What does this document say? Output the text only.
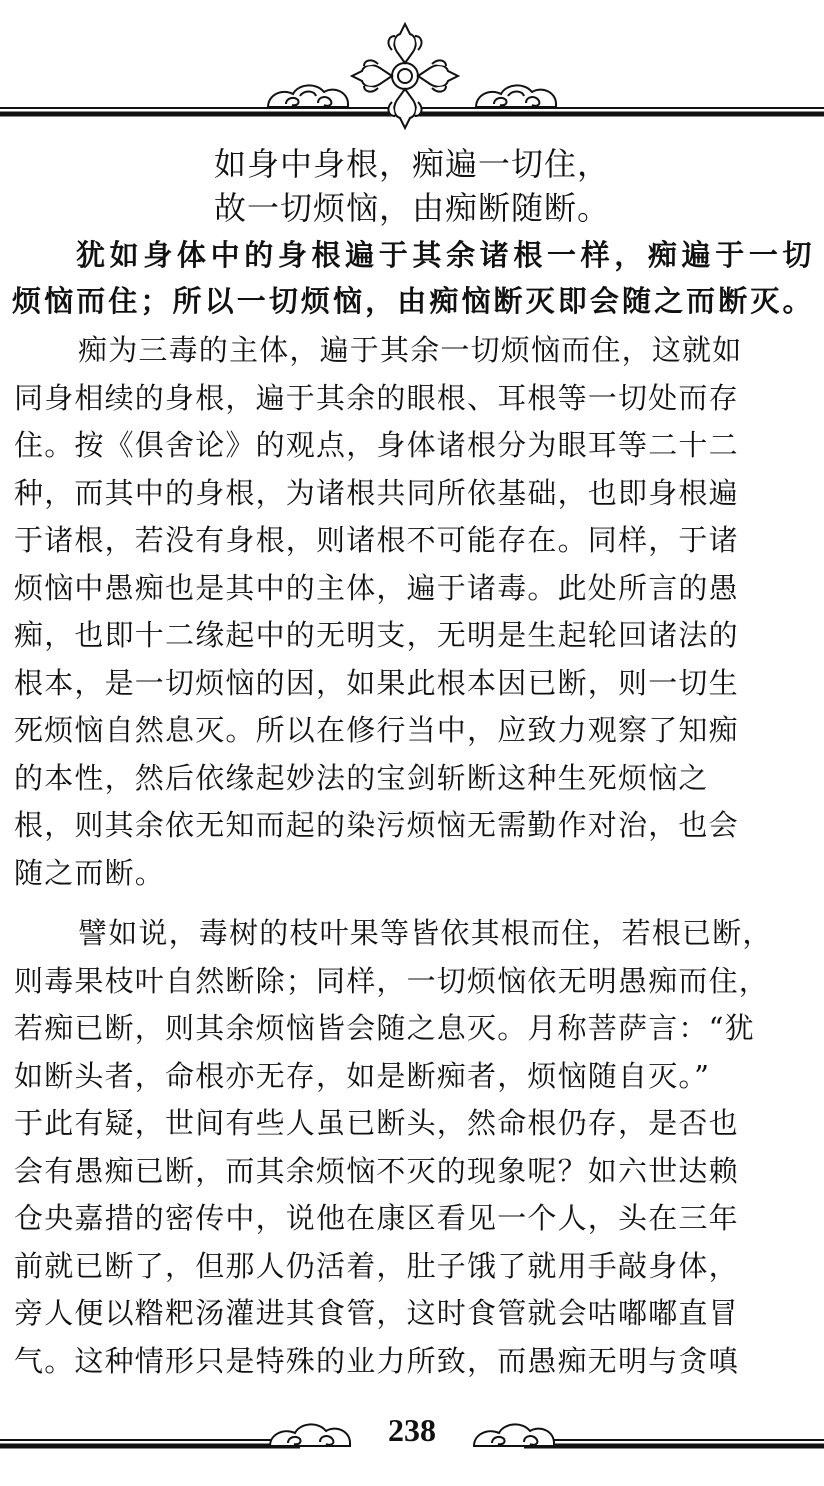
如身中身根，痴遍一切住，
故一切烦恼，由痴断随断。
犹如身体中的身根遍于其余诸根一样，痴遍于一切
烦恼而住；所以一切烦恼，由痴恼断灭即会随之而断灭。
痴为三毒的主体，遍于其余一切烦恼而住，这就如
同身相续的身根，遍于其余的眼根、耳根等一切处而存
住。按《俱舍论》的观点，身体诸根分为眼耳等二十二
种，而其中的身根，为诸根共同所依基础，也即身根遍
于诸根，若没有身根，则诸根不可能存在。同样，于诸
烦恼中愚痴也是其中的主体，遍于诸毒。此处所言的愚
痴，也即十二缘起中的无明支，无明是生起轮回诸法的
根本，是一切烦恼的因，如果此根本因已断，则一切生
死烦恼自然息灭。所以在修行当中，应致力观察了知痴
的本性，然后依缘起妙法的宝剑斩断这种生死烦恼之
根，则其余依无知而起的染污烦恼无需勤作对治，也会
随之而断。
譬如说，毒树的枝叶果等皆依其根而住，若根已断，
则毒果枝叶自然断除；同样，一切烦恼依无明愚痴而住，
若痴已断，则其余烦恼皆会随之息灭。月称菩萨言：“犹
如断头者，命根亦无存，如是断痴者，烦恼随自灭。”
于此有疑，世间有些人虽已断头，然命根仍存，是否也
会有愚痴已断，而其余烦恼不灭的现象呢？如六世达赖
仓央嘉措的密传中，说他在康区看见一个人，头在三年
前就已断了，但那人仍活着，肚子饿了就用手敲身体，
旁人便以糌粑汤灌进其食管，这时食管就会咕嘟嘟直冒
气。这种情形只是特殊的业力所致，而愚痴无明与贪嗔
238
